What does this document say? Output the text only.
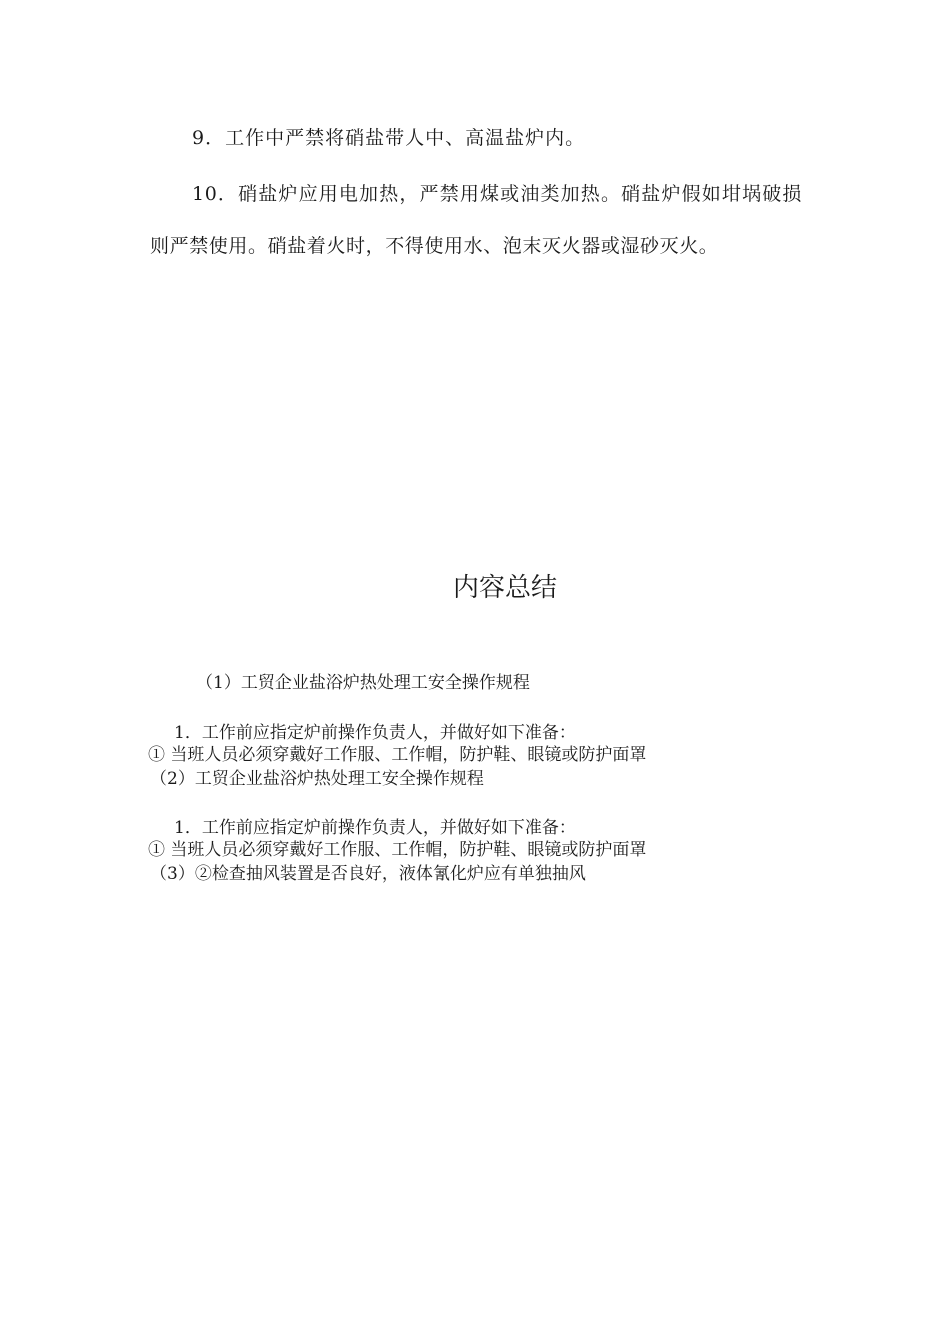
9．工作中严禁将硝盐带人中、高温盐炉内。

10．硝盐炉应用电加热，严禁用煤或油类加热。硝盐炉假如坩埚破损则严禁使用。硝盐着火时，不得使用水、泡末灭火器或湿砂灭火。

内容总结

（1）工贸企业盐浴炉热处理工安全操作规程

1．工作前应指定炉前操作负责人，并做好如下准备：

① 当班人员必须穿戴好工作服、工作帽，防护鞋、眼镜或防护面罩

（2）工贸企业盐浴炉热处理工安全操作规程

1．工作前应指定炉前操作负责人，并做好如下准备：

① 当班人员必须穿戴好工作服、工作帽，防护鞋、眼镜或防护面罩

（3）②检查抽风装置是否良好，液体氰化炉应有单独抽风
